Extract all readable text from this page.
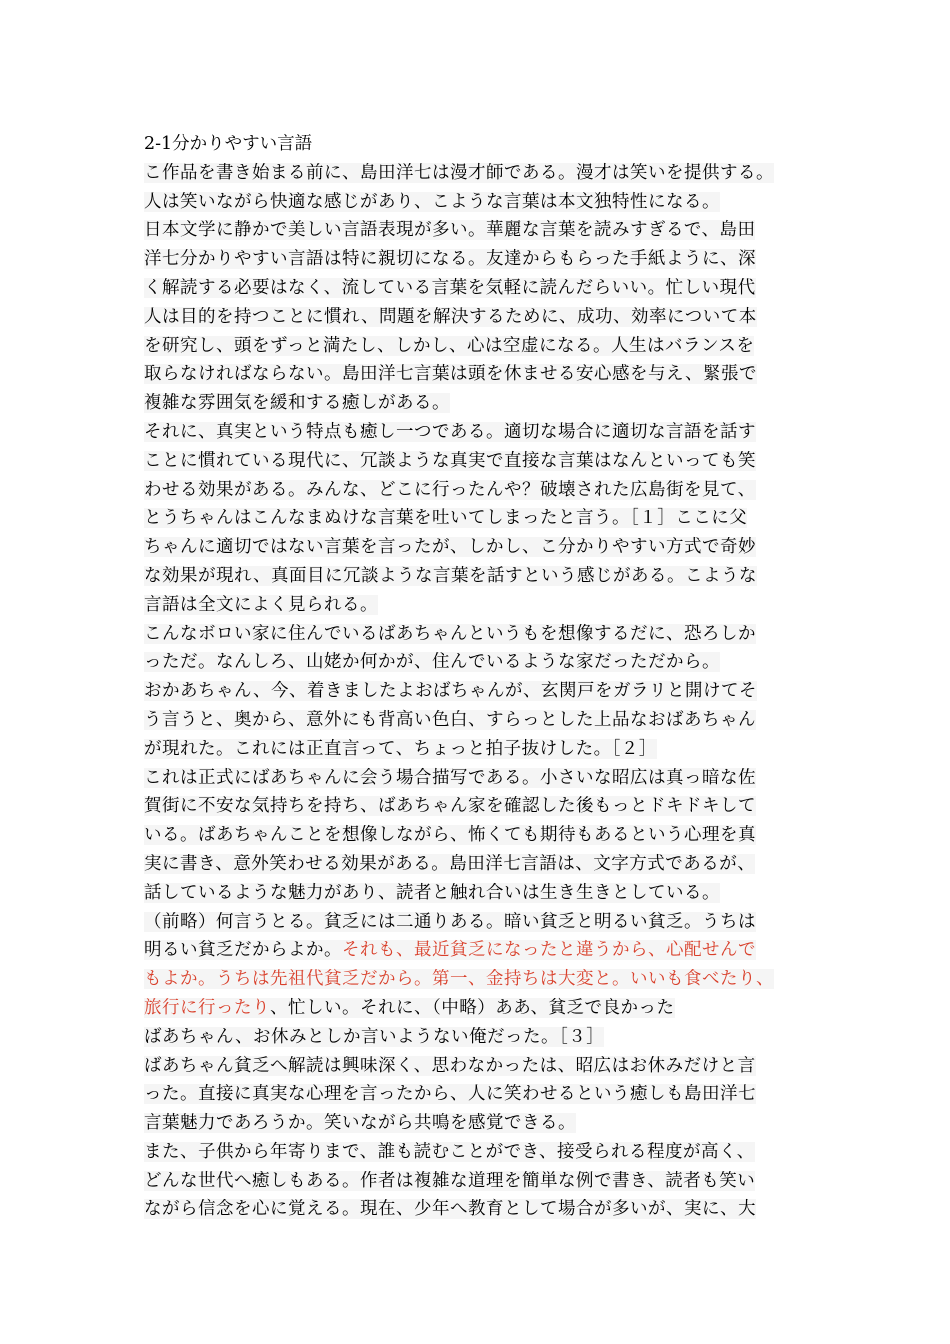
2-1分かりやすい言語
こ作品を書き始まる前に、島田洋七は漫才師である。漫才は笑いを提供する。
人は笑いながら快適な感じがあり、こような言葉は本文独特性になる。
日本文学に静かで美しい言語表現が多い。華麗な言葉を読みすぎるで、島田
洋七分かりやすい言語は特に親切になる。友達からもらった手紙ように、深
く解読する必要はなく、流している言葉を気軽に読んだらいい。忙しい現代
人は目的を持つことに慣れ、問題を解決するために、成功、効率について本
を研究し、頭をずっと満たし、しかし、心は空虚になる。人生はバランスを
取らなければならない。島田洋七言葉は頭を休ませる安心感を与え、緊張で
複雑な雰囲気を緩和する癒しがある。
それに、真実という特点も癒し一つである。適切な場合に適切な言語を話す
ことに慣れている現代に、冗談ような真実で直接な言葉はなんといっても笑
わせる効果がある。みんな、どこに行ったんや？破壊された広島街を見て、
とうちゃんはこんなまぬけな言葉を吐いてしまったと言う。［１］ここに父
ちゃんに適切ではない言葉を言ったが、しかし、こ分かりやすい方式で奇妙
な効果が現れ、真面目に冗談ような言葉を話すという感じがある。こような
言語は全文によく見られる。
こんなボロい家に住んでいるばあちゃんというもを想像するだに、恐ろしか
っただ。なんしろ、山姥か何かが、住んでいるような家だっただから。
おかあちゃん、今、着きましたよおばちゃんが、玄関戸をガラリと開けてそ
う言うと、奥から、意外にも背高い色白、すらっとした上品なおばあちゃん
が現れた。これには正直言って、ちょっと拍子抜けした。［２］
これは正式にばあちゃんに会う場合描写である。小さいな昭広は真っ暗な佐
賀街に不安な気持ちを持ち、ばあちゃん家を確認した後もっとドキドキして
いる。ばあちゃんことを想像しながら、怖くても期待もあるという心理を真
実に書き、意外笑わせる効果がある。島田洋七言語は、文字方式であるが、
話しているような魅力があり、読者と触れ合いは生き生きとしている。
（前略）何言うとる。貧乏には二通りある。暗い貧乏と明るい貧乏。うちは
明るい貧乏だからよか。それも、最近貧乏になったと違うから、心配せんで
もよか。うちは先祖代貧乏だから。第一、金持ちは大変と。いいも食べたり、
旅行に行ったり、忙しい。それに、（中略）ああ、貧乏で良かった
ばあちゃん、お休みとしか言いようない俺だった。［３］
ばあちゃん貧乏へ解読は興味深く、思わなかったは、昭広はお休みだけと言
った。直接に真実な心理を言ったから、人に笑わせるという癒しも島田洋七
言葉魅力であろうか。笑いながら共鳴を感覚できる。
また、子供から年寄りまで、誰も読むことができ、接受られる程度が高く、
どんな世代へ癒しもある。作者は複雑な道理を簡単な例で書き、読者も笑い
ながら信念を心に覚える。現在、少年へ教育として場合が多いが、実に、大
